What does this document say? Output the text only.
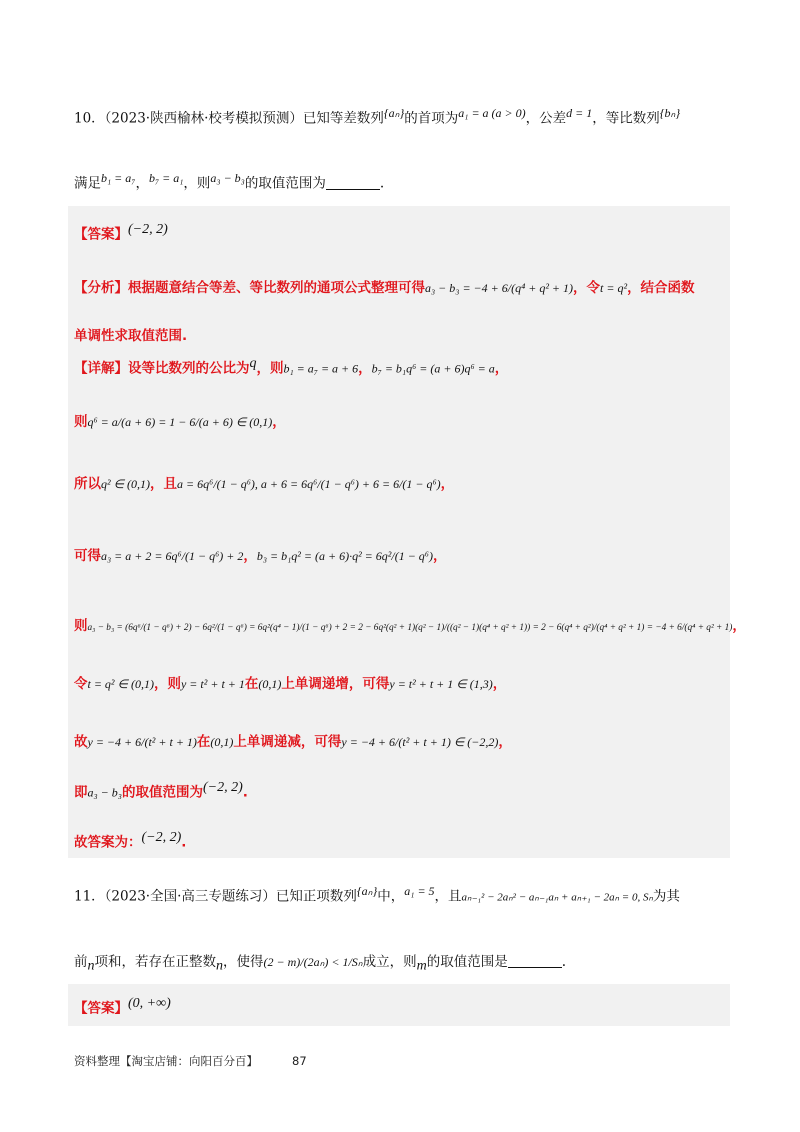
10．（2023·陕西榆林·校考模拟预测）已知等差数列$^{\{a_n\}}$的首项为$^{a_1 = a (a > 0)}$，公差$^{d = 1}$，等比数列$^{\{b_n\}}$
满足$^{b_1 = a_7}$，$^{b_7 = a_1}$，则$^{a_3 - b_3}$的取值范围为	.
【答案】$^{(-2, 2)}$
【分析】根据题意结合等差、等比数列的通项公式整理可得a₃ − b₃ = −4 + 6/(q⁴ + q² + 1)，令t = q²，结合函数
单调性求取值范围.
【详解】设等比数列的公比为$^q$，则b₁ = a₇ = a + 6，b₇ = b₁q⁶ = (a + 6)q⁶ = a，
则q⁶ = a/(a + 6) = 1 − 6/(a + 6) ∈ (0,1)，
所以q² ∈ (0,1)，且a = 6q⁶/(1 − q⁶), a + 6 = 6q⁶/(1 − q⁶) + 6 = 6/(1 − q⁶)，
可得a₃ = a + 2 = 6q⁶/(1 − q⁶) + 2，b₃ = b₁q² = (a + 6)·q² = 6q²/(1 − q⁶)，
则a₃ − b₃ = (6q⁶/(1 − q⁶) + 2) − 6q²/(1 − q⁶) = 6q²(q⁴ − 1)/(1 − q⁶) + 2 = 2 − 6q²(q² + 1)(q² − 1)/((q² − 1)(q⁴ + q² + 1)) = 2 − 6(q⁴ + q²)/(q⁴ + q² + 1) = −4 + 6/(q⁴ + q² + 1)，
令t = q² ∈ (0,1)，则y = t² + t + 1在(0,1)上单调递增，可得y = t² + t + 1 ∈ (1,3)，
故y = −4 + 6/(t² + t + 1)在(0,1)上单调递减，可得y = −4 + 6/(t² + t + 1) ∈ (−2,2)，
即a₃ − b₃的取值范围为$^{(-2, 2)}$.
故答案为：$^{(-2, 2)}$.
11．（2023·全国·高三专题练习）已知正项数列$^{\{a_n\}}$中，$^{a_1 = 5}$，且aₙ₋₁² − 2aₙ² − aₙ₋₁aₙ + aₙ₊₁ − 2aₙ = 0, Sₙ为其
前$_n$项和，若存在正整数$_n$，使得(2 − m)/(2aₙ) < 1/Sₙ成立，则$_m$的取值范围是	.
【答案】$^{(0, +\infty)}$
资料整理【淘宝店铺：向阳百分百】	87
